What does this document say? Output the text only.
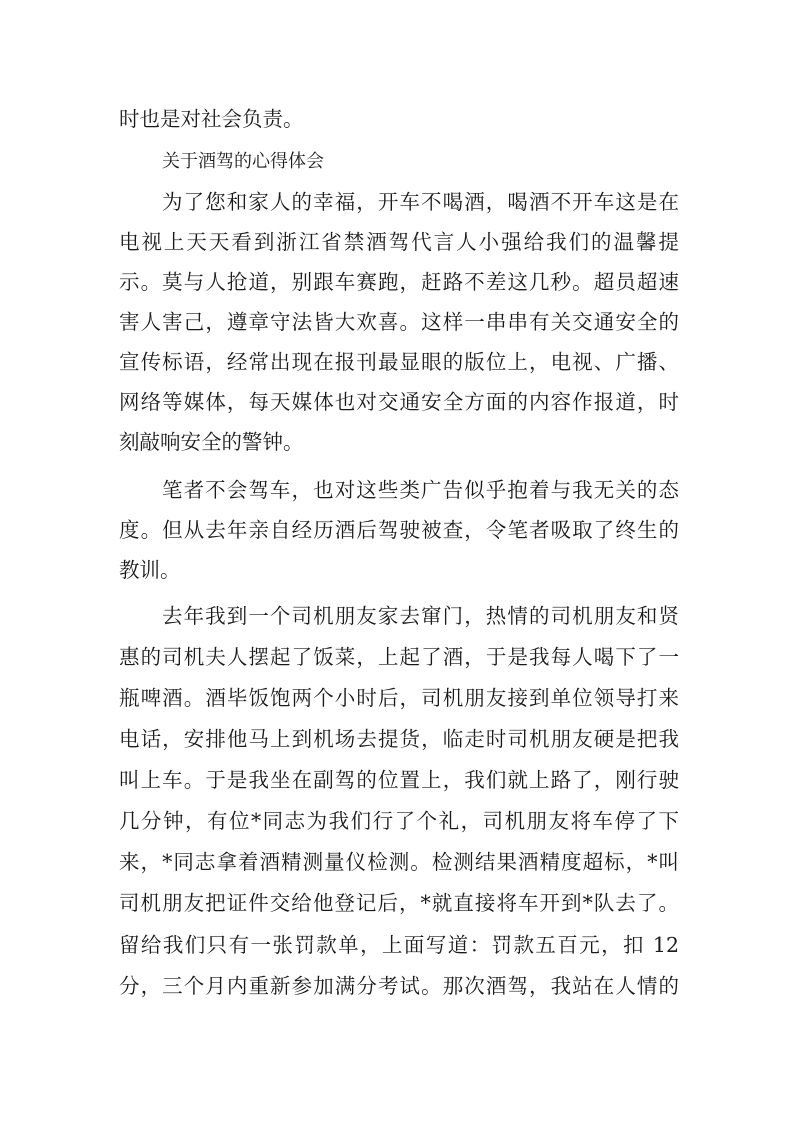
时也是对社会负责。

关于酒驾的心得体会

为了您和家人的幸福，开车不喝酒，喝酒不开车这是在

电视上天天看到浙江省禁酒驾代言人小强给我们的温馨提

示。莫与人抢道，别跟车赛跑，赶路不差这几秒。超员超速

害人害己，遵章守法皆大欢喜。这样一串串有关交通安全的

宣传标语，经常出现在报刊最显眼的版位上，电视、广播、

网络等媒体，每天媒体也对交通安全方面的内容作报道，时

刻敲响安全的警钟。

笔者不会驾车，也对这些类广告似乎抱着与我无关的态

度。但从去年亲自经历酒后驾驶被查，令笔者吸取了终生的

教训。

去年我到一个司机朋友家去窜门，热情的司机朋友和贤

惠的司机夫人摆起了饭菜，上起了酒，于是我每人喝下了一

瓶啤酒。酒毕饭饱两个小时后，司机朋友接到单位领导打来

电话，安排他马上到机场去提货，临走时司机朋友硬是把我

叫上车。于是我坐在副驾的位置上，我们就上路了，刚行驶

几分钟，有位*同志为我们行了个礼，司机朋友将车停了下

来，*同志拿着酒精测量仪检测。检测结果酒精度超标，*叫

司机朋友把证件交给他登记后，*就直接将车开到*队去了。

留给我们只有一张罚款单，上面写道：罚款五百元，扣 12

分，三个月内重新参加满分考试。那次酒驾，我站在人情的
